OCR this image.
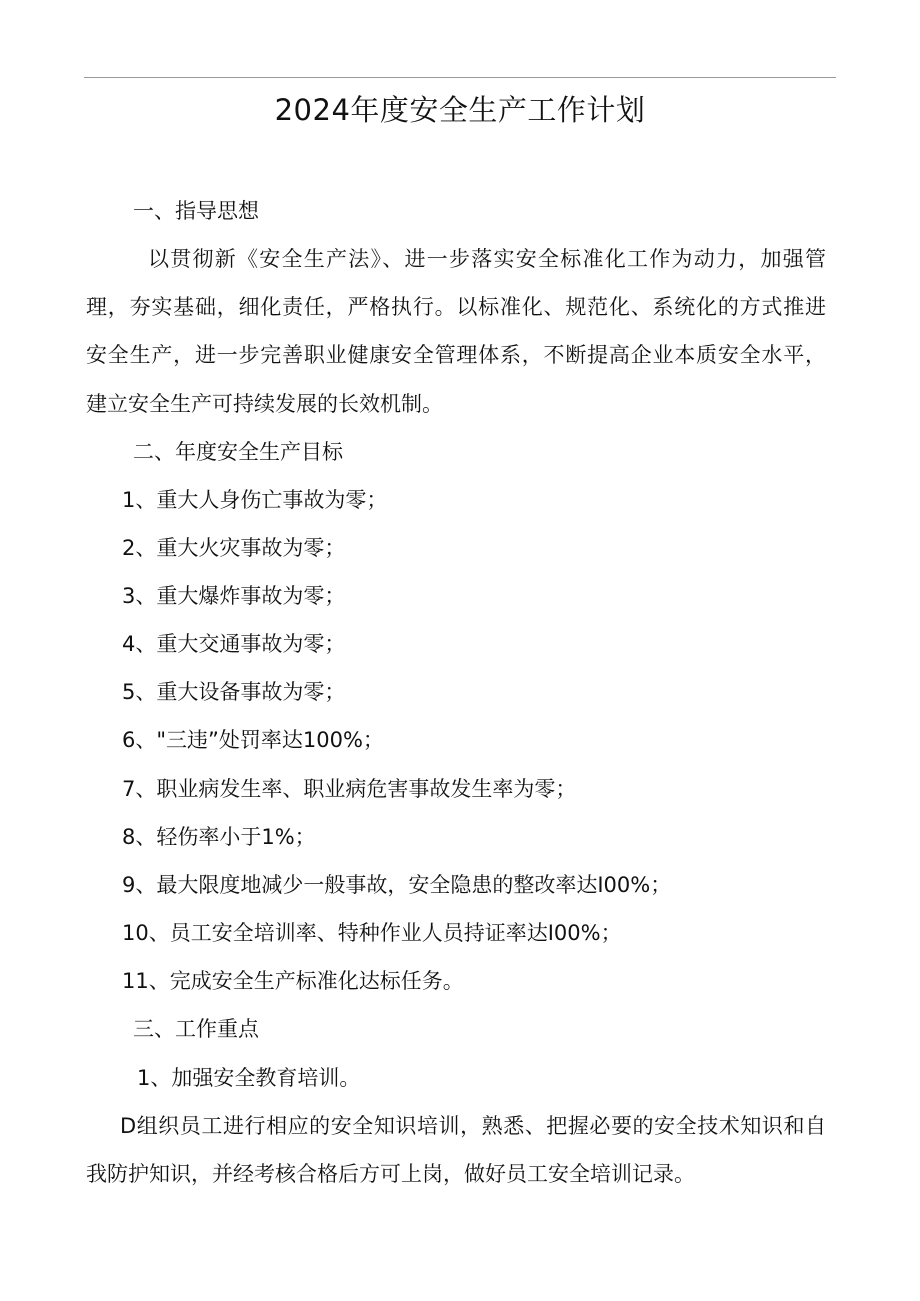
2024年度安全生产工作计划
一、指导思想
以贯彻新《安全生产法》、进一步落实安全标准化工作为动力，加强管
理，夯实基础，细化责任，严格执行。以标准化、规范化、系统化的方式推进
安全生产，进一步完善职业健康安全管理体系，不断提高企业本质安全水平，
建立安全生产可持续发展的长效机制。
二、年度安全生产目标
1、重大人身伤亡事故为零；
2、重大火灾事故为零；
3、重大爆炸事故为零；
4、重大交通事故为零；
5、重大设备事故为零；
6、"三违”处罚率达100%；
7、职业病发生率、职业病危害事故发生率为零；
8、轻伤率小于1%；
9、最大限度地减少一般事故，安全隐患的整改率达I00%；
10、员工安全培训率、特种作业人员持证率达I00%；
11、完成安全生产标准化达标任务。
三、工作重点
1、加强安全教育培训。
D组织员工进行相应的安全知识培训，熟悉、把握必要的安全技术知识和自
我防护知识，并经考核合格后方可上岗，做好员工安全培训记录。
